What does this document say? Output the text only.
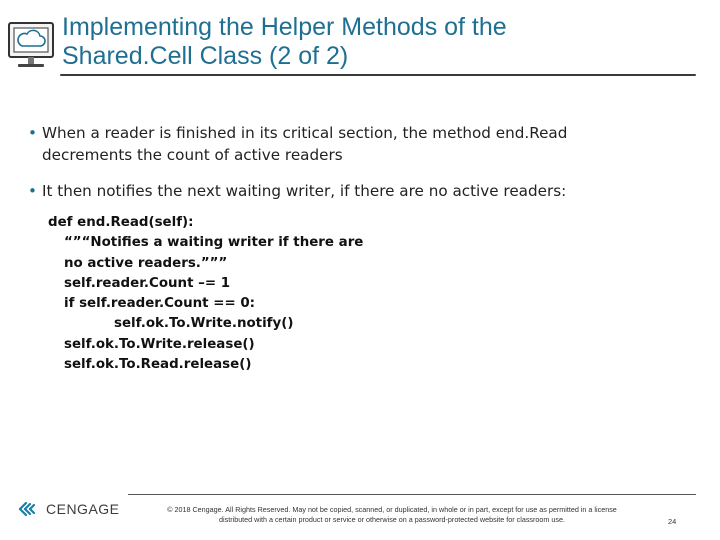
Implementing the Helper Methods of the
Shared.Cell Class (2 of 2)
• When a reader is finished in its critical section, the method end.Read
decrements the count of active readers
• It then notifies the next waiting writer, if there are no active readers:
def end.Read(self):
“”“Notifies a waiting writer if there are
no active readers.”””
self.reader.Count –= 1
if self.reader.Count == 0:
self.ok.To.Write.notify()
self.ok.To.Write.release()
self.ok.To.Read.release()
CENGAGE	© 2018 Cengage. All Rights Reserved. May not be copied, scanned, or duplicated, in whole or in part, except for use as permitted in a license
distributed with a certain product or service or otherwise on a password-protected website for classroom use.	24
